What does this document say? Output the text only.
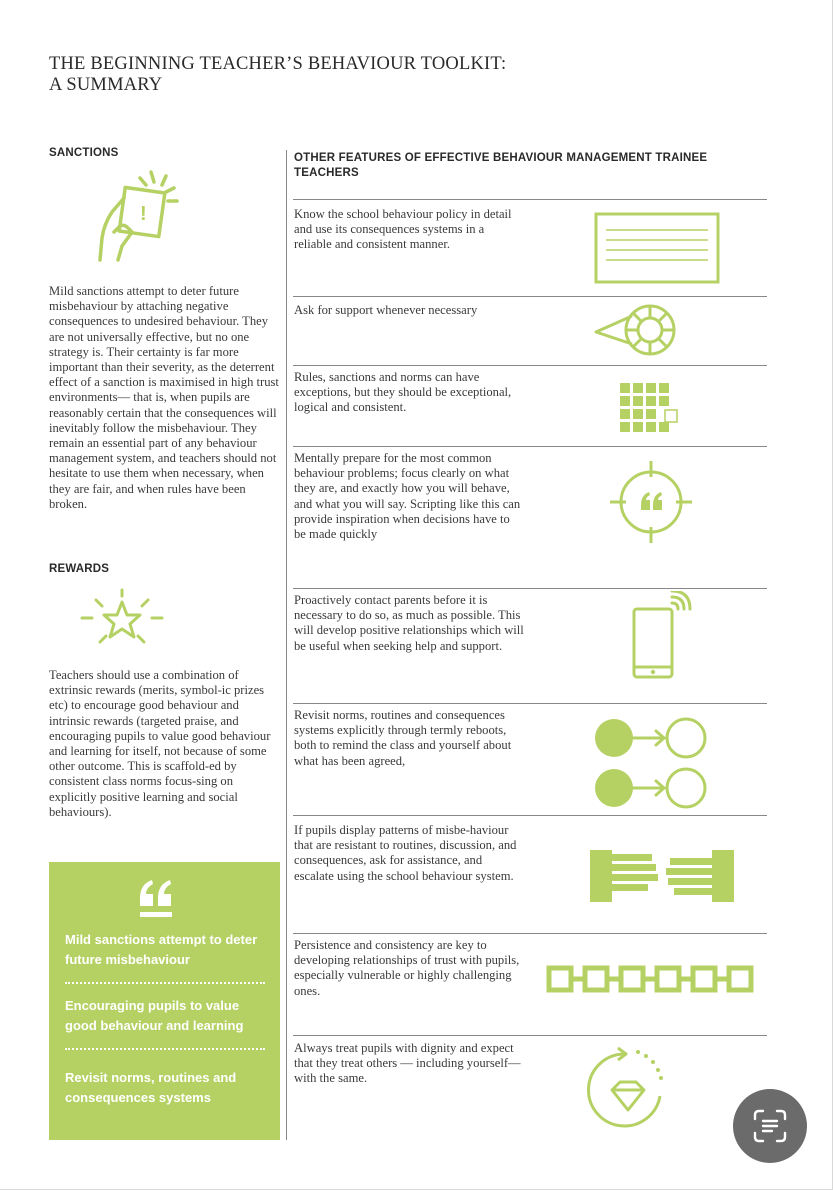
THE BEGINNING TEACHER’S BEHAVIOUR TOOLKIT:
A SUMMARY
SANCTIONS
!
Mild sanctions attempt to deter future misbehaviour by attaching negative consequences to undesired behaviour. They are not universally effective, but no one strategy is. Their certainty is far more important than their severity, as the deterrent effect of a sanction is maximised in high trust environments— that is, when pupils are reasonably certain that the consequences will inevitably follow the misbehaviour. They remain an essential part of any behaviour management system, and teachers should not hesitate to use them when necessary, when they are fair, and when rules have been broken.
REWARDS
Teachers should use a combination of extrinsic rewards (merits, symbol-ic prizes etc) to encourage good behaviour and intrinsic rewards (targeted praise, and encouraging pupils to value good behaviour and learning for itself, not because of some other outcome. This is scaffold-ed by consistent class norms focus-sing on explicitly positive learning and social behaviours).
Mild sanctions attempt to deter future misbehaviour
Encouraging pupils to value good behaviour and learning
Revisit norms, routines and consequences systems
OTHER FEATURES OF EFFECTIVE BEHAVIOUR MANAGEMENT TRAINEE TEACHERS
Know the school behaviour policy in detail and use its consequences systems in a reliable and consistent manner.
Ask for support whenever necessary
Rules, sanctions and norms can have exceptions, but they should be exceptional, logical and consistent.
Mentally prepare for the most common behaviour problems; focus clearly on what they are, and exactly how you will behave, and what you will say. Scripting like this can provide inspiration when decisions have to be made quickly
Proactively contact parents before it is necessary to do so, as much as possible. This will develop positive relationships which will be useful when seeking help and support.
Revisit norms, routines and consequences systems explicitly through termly reboots, both to remind the class and yourself about what has been agreed,
If pupils display patterns of misbe-haviour that are resistant to routines, discussion, and consequences, ask for assistance, and escalate using the school behaviour system.
Persistence and consistency are key to developing relationships of trust with pupils, especially vulnerable or highly challenging ones.
Always treat pupils with dignity and expect that they treat others — including yourself— with the same.
